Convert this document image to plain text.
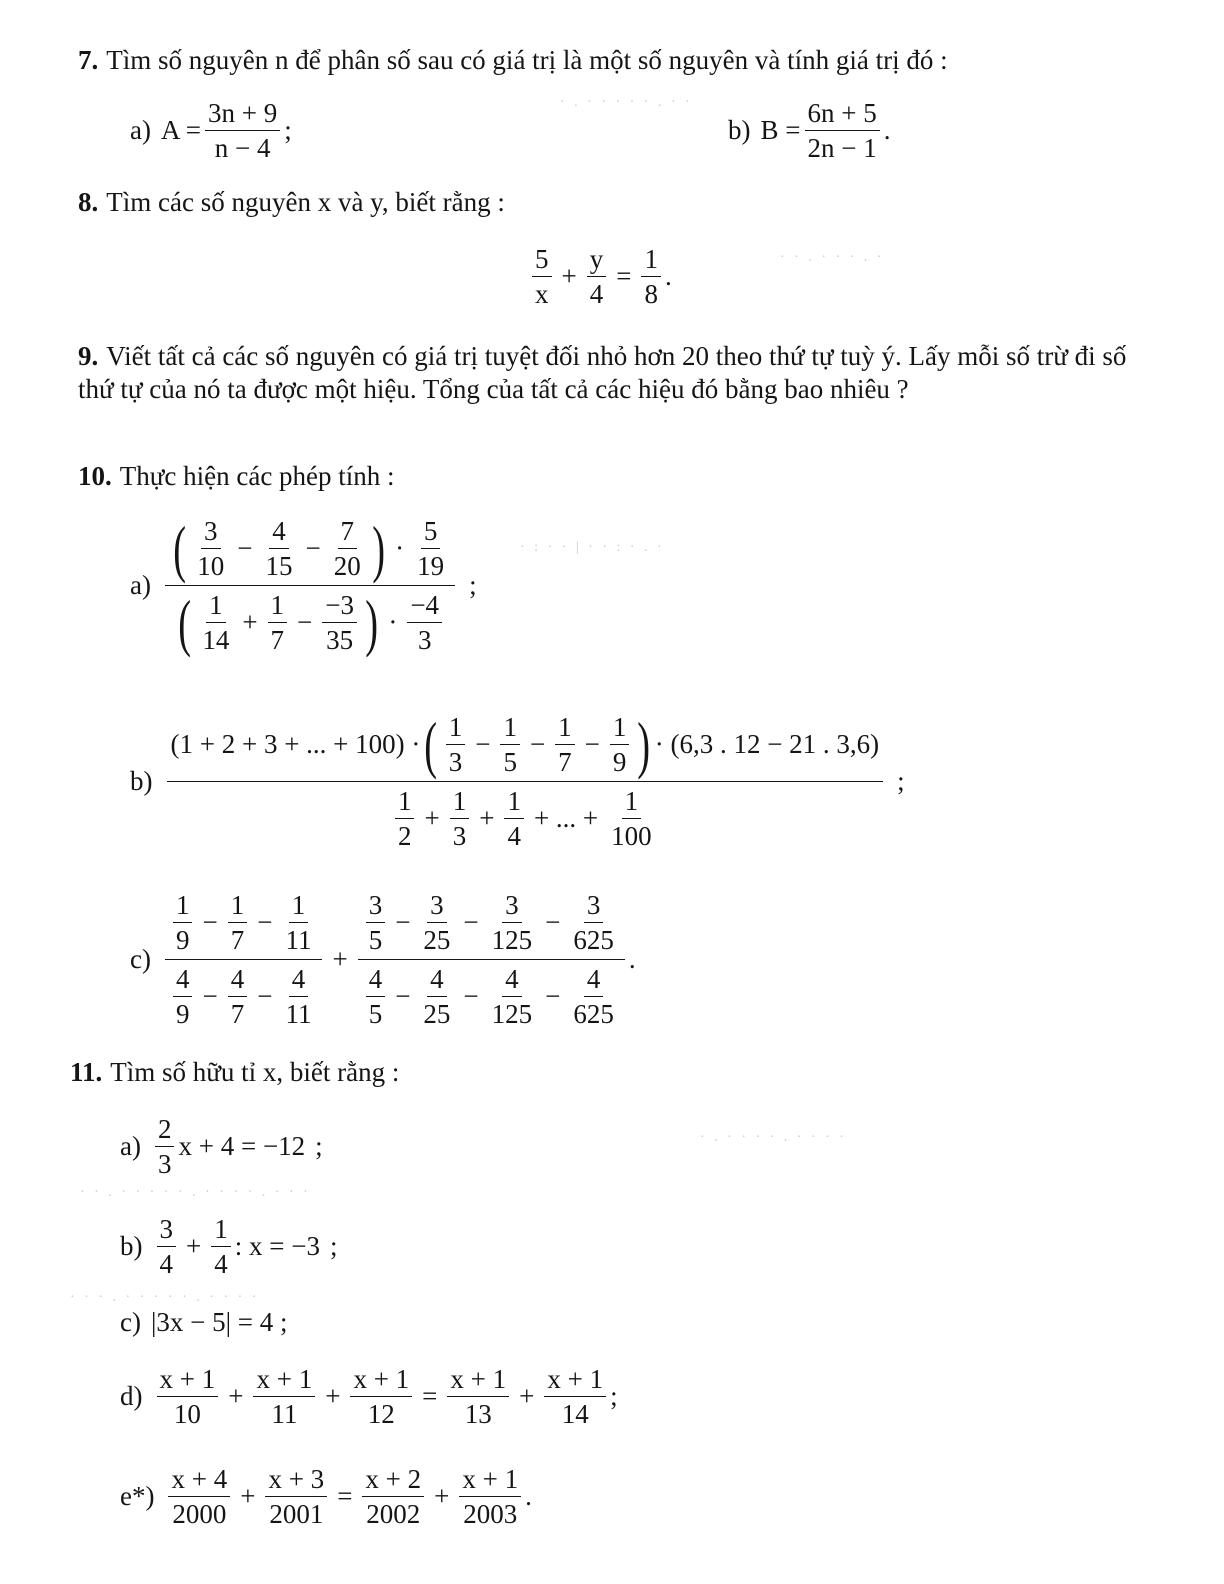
· . · · · · · . · ·
· · . · · · . ·
· : · · | · · : · . ·
· . · · · · . · · · ·
· · . · · · · · . · · · · . · · ·
· · · . · · · · · . · · · ·
7. Tìm số nguyên n để phân số sau có giá trị là một số nguyên và tính giá trị đó :
a) $A = \frac{3n + 9}{n - 4}$ ;	b) $B = \frac{6n + 5}{2n - 1}$ .
8. Tìm các số nguyên x và y, biết rằng :
$\frac{5}{x} + \frac{y}{4} = \frac{1}{8}$ .
9. Viết tất cả các số nguyên có giá trị tuyệt đối nhỏ hơn 20 theo thứ tự tuỳ ý. Lấy mỗi số trừ đi số thứ tự của nó ta được một hiệu. Tổng của tất cả các hiệu đó bằng bao nhiêu ?
10. Thực hiện các phép tính :
a)
( $\frac{3}{10} - \frac{4}{15} - \frac{7}{20}$ ) · $\frac{5}{19}$
( $\frac{1}{14} + \frac{1}{7} - \frac{-3}{35}$ ) · $\frac{-4}{3}$
;
b)
(1 + 2 + 3 + ... + 100) · ( $\frac{1}{3} - \frac{1}{5} - \frac{1}{7} - \frac{1}{9}$ ) · (6,3 . 12 − 21 . 3,6)
$\frac{1}{2} + \frac{1}{3} + \frac{1}{4}$ + ... + $\frac{1}{100}$
;
$c) \frac{\frac{1}{9} - \frac{1}{7} - \frac{1}{11}}{\frac{4}{9} - \frac{4}{7} - \frac{4}{11}}$ +
$\frac{3}{5} - \frac{3}{25} - \frac{3}{125} - \frac{3}{625}$
$\frac{4}{5} - \frac{4}{25} - \frac{4}{125} - \frac{4}{625}$
.
11. Tìm số hữu tỉ x, biết rằng :
$a) \frac{2}{3}$ x + 4 = −12 ;
$b) \frac{3}{4} + \frac{1}{4}$ : x = −3 ;
c) |3x − 5| = 4 ;
$d) \frac{x + 1}{10} + \frac{x + 1}{11} + \frac{x + 1}{12} = \frac{x + 1}{13} + \frac{x + 1}{14}$ ;
$e*) \frac{x + 4}{2000} + \frac{x + 3}{2001} = \frac{x + 2}{2002} + \frac{x + 1}{2003}$ .
